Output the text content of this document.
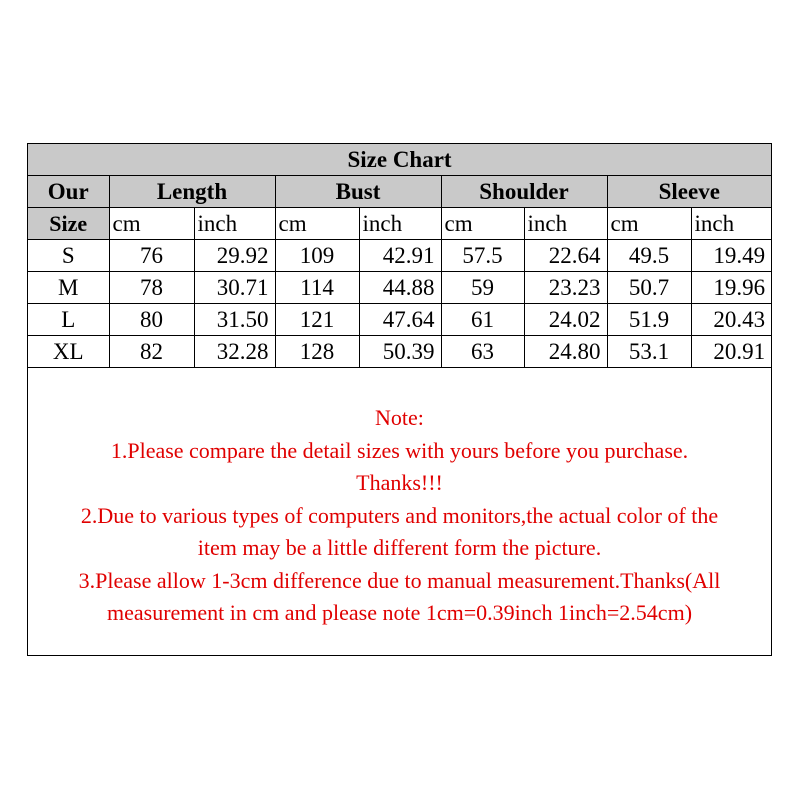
Size Chart								
Our	Length		Bust		Shoulder		Sleeve	
Size	cm	inch	cm	inch	cm	inch	cm	inch
S	76	29.92	109	42.91	57.5	22.64	49.5	19.49
M	78	30.71	114	44.88	59	23.23	50.7	19.96
L	80	31.50	121	47.64	61	24.02	51.9	20.43
XL	82	32.28	128	50.39	63	24.80	53.1	20.91

Note:

1.Please compare the detail sizes with yours before you purchase.

Thanks!!!

2.Due to various types of computers and monitors,the actual color of the

item may be a little different form the picture.

3.Please allow 1-3cm difference due to manual measurement.Thanks(All

measurement in cm and please note 1cm=0.39inch 1inch=2.54cm)
